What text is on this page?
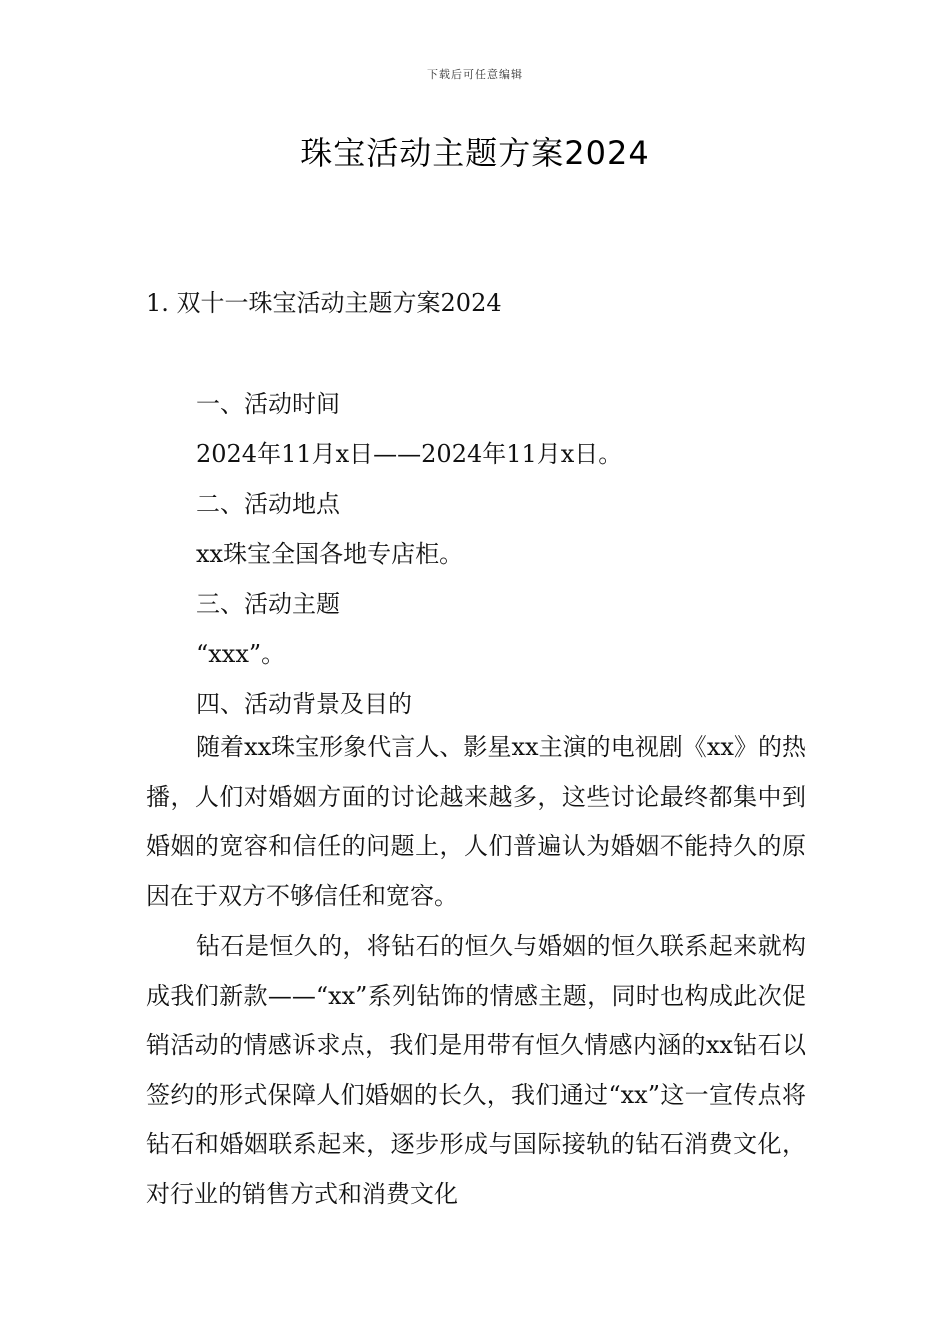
下载后可任意编辑
珠宝活动主题方案2024
1. 双十一珠宝活动主题方案2024
一、活动时间
2024年11月x日——2024年11月x日。
二、活动地点
xx珠宝全国各地专店柜。
三、活动主题
“xxx”。
四、活动背景及目的

随着xx珠宝形象代言人、影星xx主演的电视剧《xx》的热播，人们对婚姻方面的讨论越来越多，这些讨论最终都集中到婚姻的宽容和信任的问题上，人们普遍认为婚姻不能持久的原因在于双方不够信任和宽容。

钻石是恒久的，将钻石的恒久与婚姻的恒久联系起来就构成我们新款——“xx”系列钻饰的情感主题，同时也构成此次促销活动的情感诉求点，我们是用带有恒久情感内涵的xx钻石以签约的形式保障人们婚姻的长久，我们通过“xx”这一宣传点将钻石和婚姻联系起来，逐步形成与国际接轨的钻石消费文化，对行业的销售方式和消费文化
